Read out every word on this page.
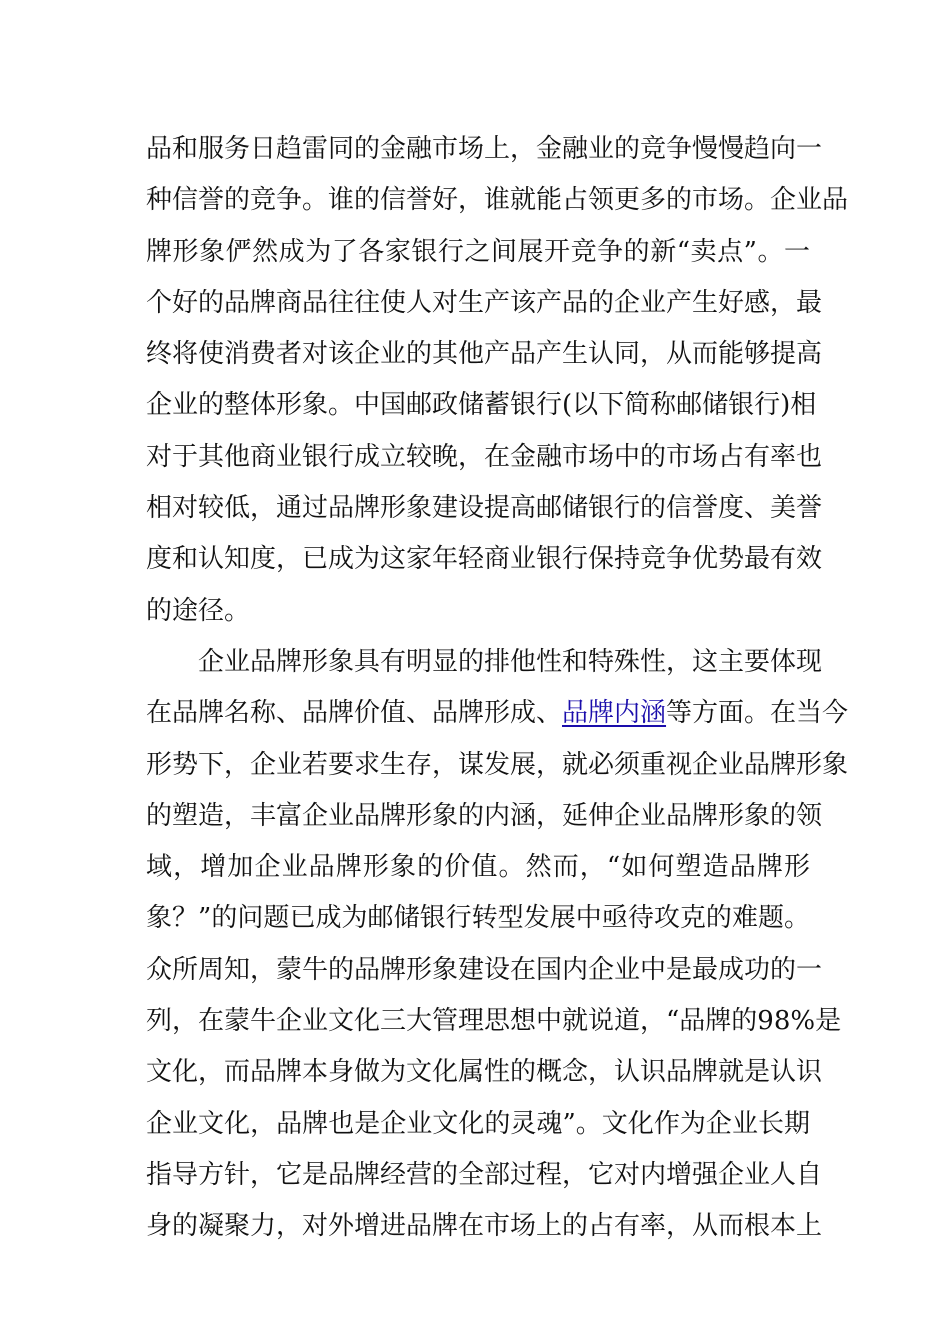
品和服务日趋雷同的金融市场上，金融业的竞争慢慢趋向一
种信誉的竞争。谁的信誉好，谁就能占领更多的市场。企业品
牌形象俨然成为了各家银行之间展开竞争的新“卖点”。一
个好的品牌商品往往使人对生产该产品的企业产生好感，最
终将使消费者对该企业的其他产品产生认同，从而能够提高
企业的整体形象。中国邮政储蓄银行(以下简称邮储银行)相
对于其他商业银行成立较晚，在金融市场中的市场占有率也
相对较低，通过品牌形象建设提高邮储银行的信誉度、美誉
度和认知度，已成为这家年轻商业银行保持竞争优势最有效
的途径。
企业品牌形象具有明显的排他性和特殊性，这主要体现
在品牌名称、品牌价值、品牌形成、品牌内涵等方面。在当今
形势下，企业若要求生存，谋发展，就必须重视企业品牌形象
的塑造，丰富企业品牌形象的内涵，延伸企业品牌形象的领
域，增加企业品牌形象的价值。然而，“如何塑造品牌形
象？”的问题已成为邮储银行转型发展中亟待攻克的难题。
众所周知，蒙牛的品牌形象建设在国内企业中是最成功的一
列，在蒙牛企业文化三大管理思想中就说道，“品牌的98%是
文化，而品牌本身做为文化属性的概念，认识品牌就是认识
企业文化，品牌也是企业文化的灵魂”。文化作为企业长期
指导方针，它是品牌经营的全部过程，它对内增强企业人自
身的凝聚力，对外增进品牌在市场上的占有率，从而根本上
